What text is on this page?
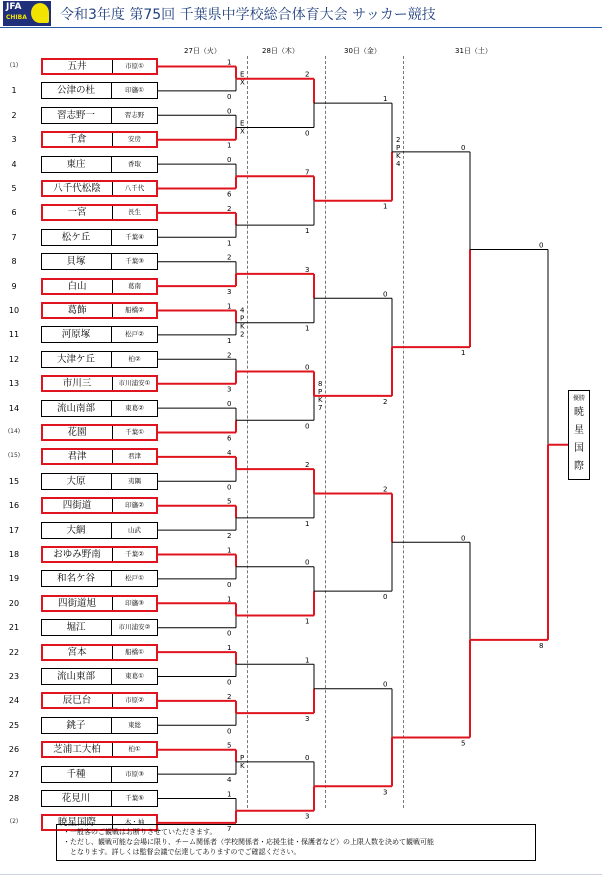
JFA
CHIBA 令和3年度 第75回 千葉県中学校総合体育大会 サッカー競技
27日（火）	28日（木）	30日（金）	31日（土）
(1)	五井	市原①
1	公津の杜	印旛①
2	習志野一	習志野
3	千倉	安房
4	東庄	香取
5	八千代松陰	八千代
6	一宮	長生
7	松ケ丘	千葉④
8	貝塚	千葉③
9	白山	葛南
10	葛飾	船橋②
11	河原塚	松戸②
12	大津ケ丘	柏②
13	市川三	市川浦安①
14	流山南部	東葛②
(14)	花園	千葉①
(15)	君津	君津
15	大原	夷隅
16	四街道	印旛②
17	大網	山武
18	おゆみ野南	千葉②
19	和名ケ谷	松戸①
20	四街道旭	印旛③
21	堀江	市川浦安②
22	宮本	船橋①
23	流山東部	東葛①
24	辰巳台	市原②
25	銚子	東総
26	芝浦工大柏	柏①
27	千種	市原③
28	花見川	千葉⑤
(2)	暁星国際	木・袖
1
0
E
X
0
1
E
X
0
6
2
1
2
3
1
1
4
P
K
2
2
3
0
6
4
0
5
2
1
0
1
0
1
0
2
0
5
4
P
K
1
7
2
0
7
1
3
1
0
0
8
P
K
7
2
1
0
1
1
3
0
3
1
1
2
P
K
4
0
2
2
0
0
3
0
1
0
5
0
8
優勝
暁
星
国
際
・一般客のご観戦はお断りさせていただきます。
・ただし、観戦可能な会場に限り、チーム関係者（学校関係者・応援生徒・保護者など）の上限人数を決めて観戦可能
　となります。詳しくは監督会議で伝達してありますのでご確認ください。
